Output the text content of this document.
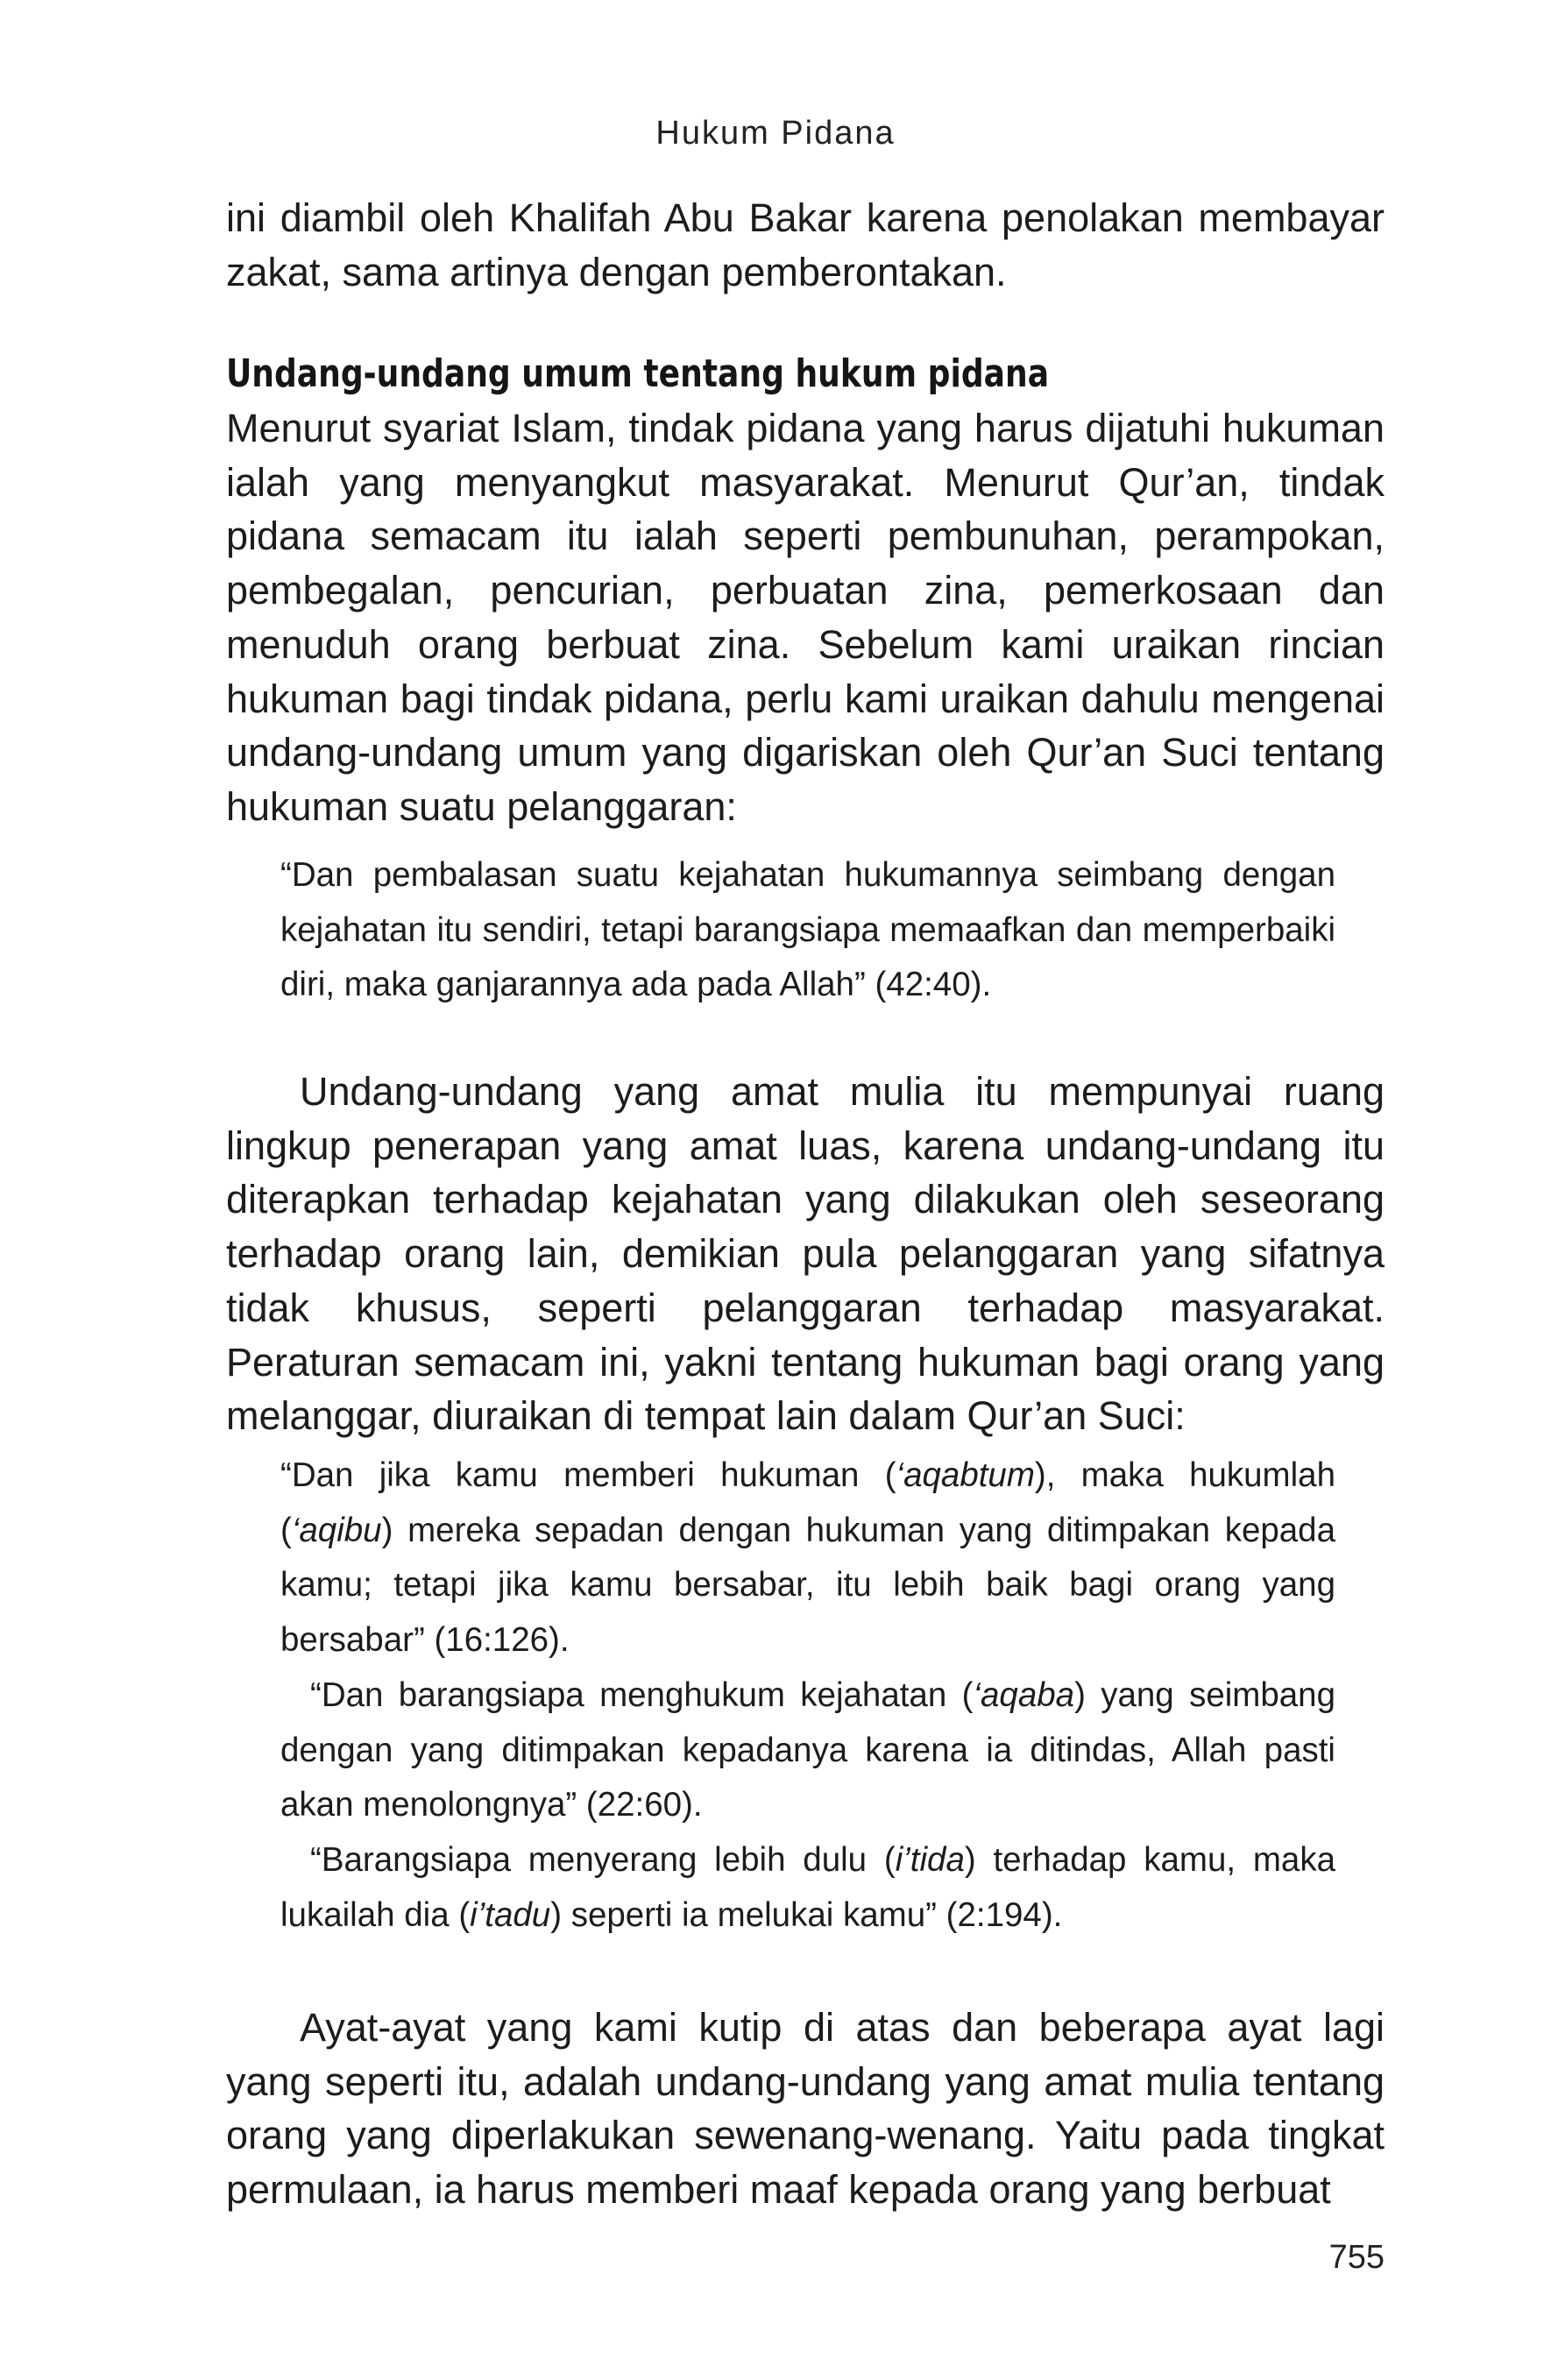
Hukum Pidana

ini diambil oleh Khalifah Abu Bakar karena penolakan membayar zakat, sama artinya dengan pemberontakan.

Undang-undang umum tentang hukum pidana

Menurut syariat Islam, tindak pidana yang harus dijatuhi hukuman ialah yang menyangkut masyarakat. Menurut Qur’an, tindak pidana semacam itu ialah seperti pembunuhan, perampokan, pembegalan, pencurian, perbuatan zina, pemerkosaan dan menuduh orang berbuat zina. Sebelum kami uraikan rincian hukuman bagi tindak pidana, perlu kami uraikan dahulu mengenai undang-undang umum yang digariskan oleh Qur’an Suci tentang hukuman suatu pelanggaran:

“Dan pembalasan suatu kejahatan hukumannya seimbang dengan kejahatan itu sendiri, tetapi barangsiapa memaafkan dan memperbaiki diri, maka ganjarannya ada pada Allah” (42:40).

Undang-undang yang amat mulia itu mempunyai ruang lingkup penerapan yang amat luas, karena undang-undang itu diterapkan terhadap kejahatan yang dilakukan oleh seseorang terhadap orang lain, demikian pula pelanggaran yang sifatnya tidak khusus, seperti pelanggaran terhadap masyarakat. Peraturan semacam ini, yakni tentang hukuman bagi orang yang melanggar, diuraikan di tempat lain dalam Qur’an Suci:

“Dan jika kamu memberi hukuman (‘aqabtum), maka hukumlah (‘aqibu) mereka sepadan dengan hukuman yang ditimpakan kepada kamu; tetapi jika kamu bersabar, itu lebih baik bagi orang yang bersabar” (16:126).

“Dan barangsiapa menghukum kejahatan (‘aqaba) yang seimbang dengan yang ditimpakan kepadanya karena ia ditindas, Allah pasti akan menolongnya” (22:60).

“Barangsiapa menyerang lebih dulu (i’tida) terhadap kamu, maka lukailah dia (i’tadu) seperti ia melukai kamu” (2:194).

Ayat-ayat yang kami kutip di atas dan beberapa ayat lagi yang seperti itu, adalah undang-undang yang amat mulia tentang orang yang diperlakukan sewenang-wenang. Yaitu pada tingkat permulaan, ia harus memberi maaf kepada orang yang berbuat

755
